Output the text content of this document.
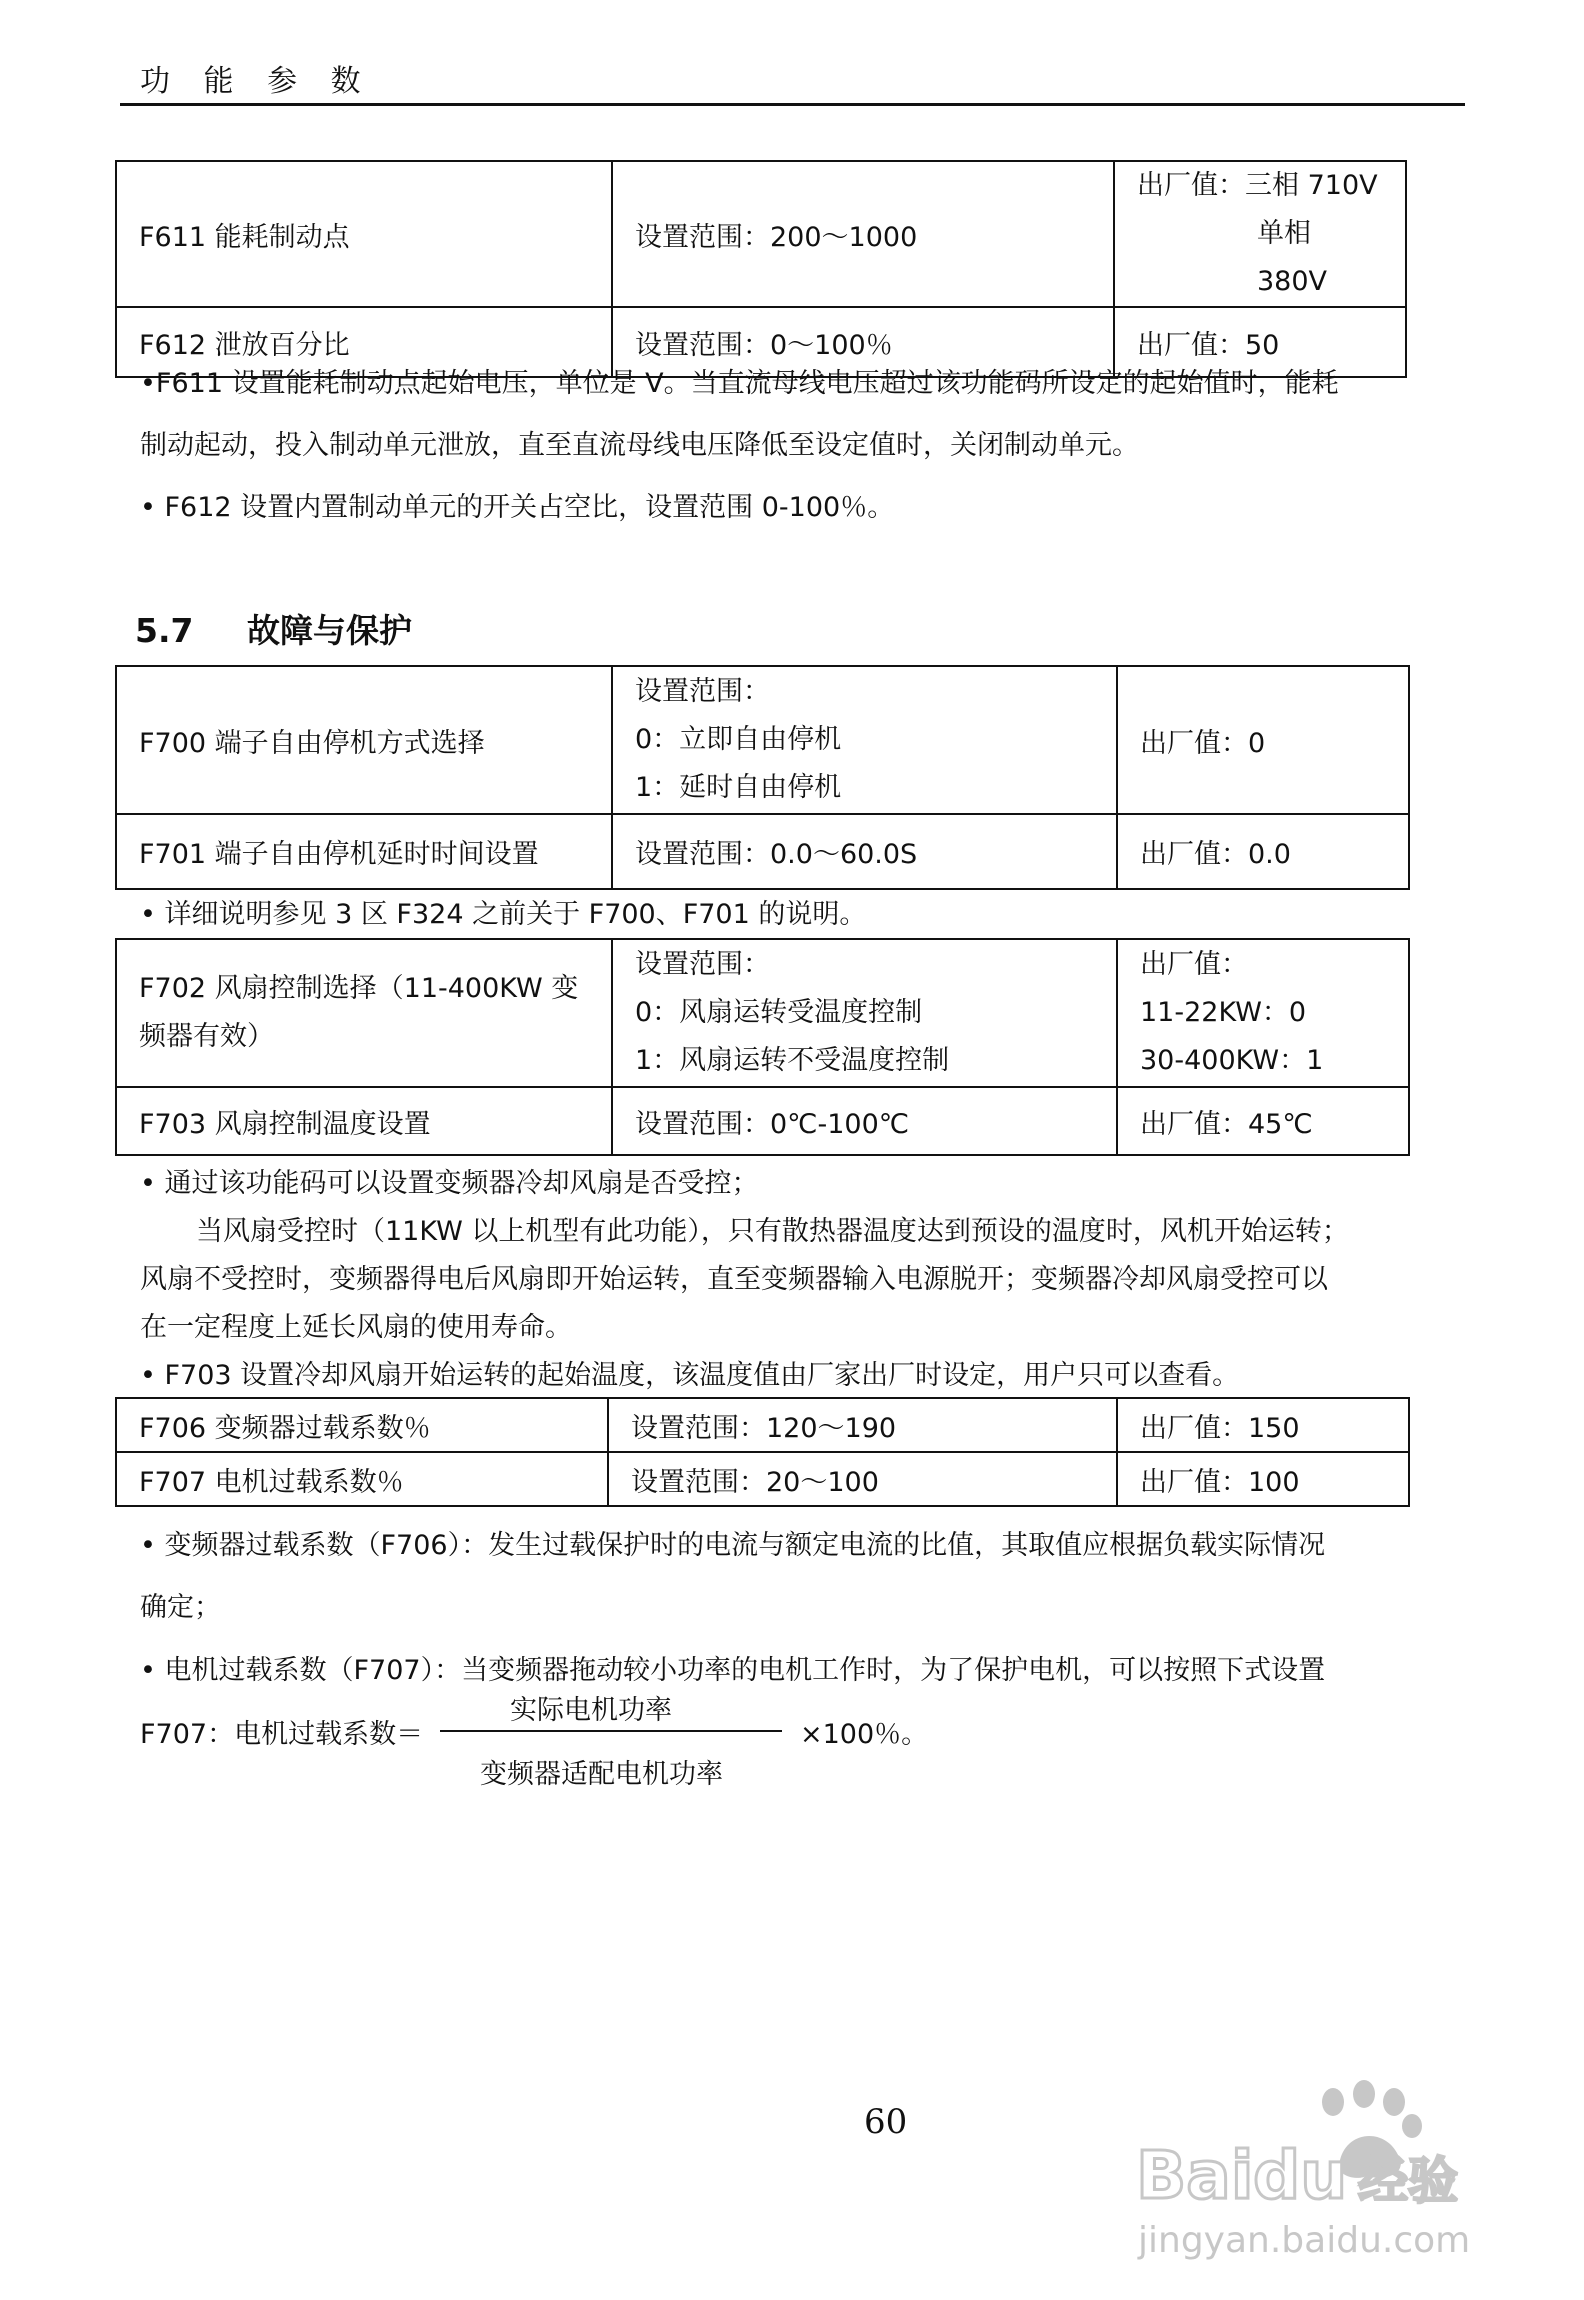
功 能 参 数
F611 能耗制动点	设置范围：200～1000	出厂值：三相 710V
单相 380V

F612 泄放百分比	设置范围：0～100％	出厂值：50
•F611 设置能耗制动点起始电压，单位是 V。当直流母线电压超过该功能码所设定的起始值时，能耗
制动起动，投入制动单元泄放，直至直流母线电压降低至设定值时，关闭制动单元。
• F612 设置内置制动单元的开关占空比，设置范围 0-100％。
5.7 故障与保护
F700 端子自由停机方式选择	设置范围：
0：立即自由停机
1：延时自由停机	出厂值：0
F701 端子自由停机延时时间设置	设置范围：0.0～60.0S	出厂值：0.0
• 详细说明参见 3 区 F324 之前关于 F700、F701 的说明。
F702 风扇控制选择（11-400KW 变
频器有效）	设置范围：
0：风扇运转受温度控制
1：风扇运转不受温度控制	出厂值：
11-22KW：0
30-400KW：1

F703 风扇控制温度设置	设置范围：0℃-100℃	出厂值：45℃
• 通过该功能码可以设置变频器冷却风扇是否受控；
当风扇受控时（11KW 以上机型有此功能），只有散热器温度达到预设的温度时，风机开始运转；
风扇不受控时，变频器得电后风扇即开始运转，直至变频器输入电源脱开；变频器冷却风扇受控可以
在一定程度上延长风扇的使用寿命。
• F703 设置冷却风扇开始运转的起始温度，该温度值由厂家出厂时设定，用户只可以查看。
F706 变频器过载系数％	设置范围：120～190	出厂值：150
F707 电机过载系数％	设置范围：20～100	出厂值：100
• 变频器过载系数（F706）：发生过载保护时的电流与额定电流的比值，其取值应根据负载实际情况
确定；
• 电机过载系数（F707）：当变频器拖动较小功率的电机工作时，为了保护电机，可以按照下式设置
F707：电机过载系数＝
实际电机功率
变频器适配电机功率
×100％。
60
Bai du 经验
jingyan.baidu.com
